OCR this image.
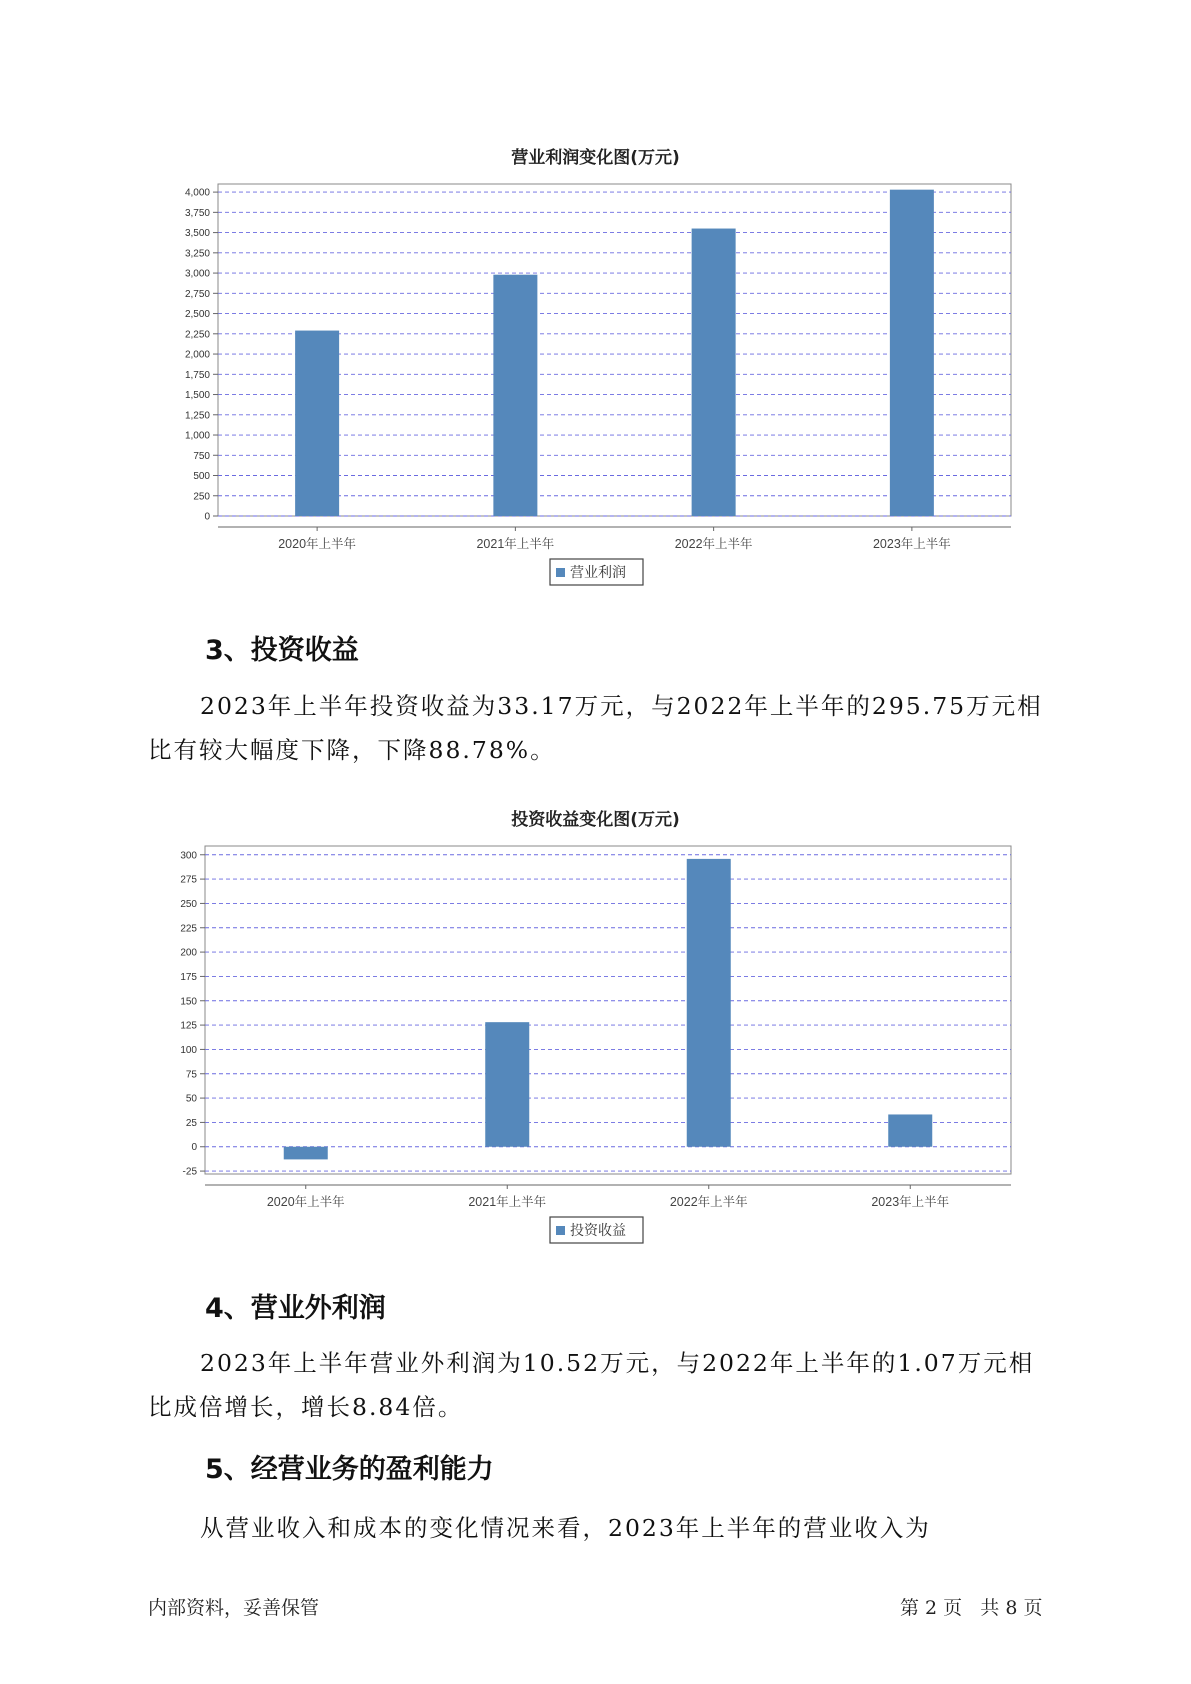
营业利润变化图(万元)
0
250
500
750
1,000
1,250
1,500
1,750
2,000
2,250
2,500
2,750
3,000
3,250
3,500
3,750
4,000
2020年上半年	2021年上半年	2022年上半年	2023年上半年
营业利润
3、投资收益

2023年上半年投资收益为33.17万元，与2022年上半年的295.75万元相比有较大幅度下降，下降88.78%。

投资收益变化图(万元)
-25
0
25
50
75
100
125
150
175
200
225
250
275
300
2020年上半年	2021年上半年	2022年上半年	2023年上半年
投资收益
4、营业外利润

2023年上半年营业外利润为10.52万元，与2022年上半年的1.07万元相比成倍增长，增长8.84倍。

5、经营业务的盈利能力

从营业收入和成本的变化情况来看，2023年上半年的营业收入为

内部资料，妥善保管	第 2 页   共 8 页
